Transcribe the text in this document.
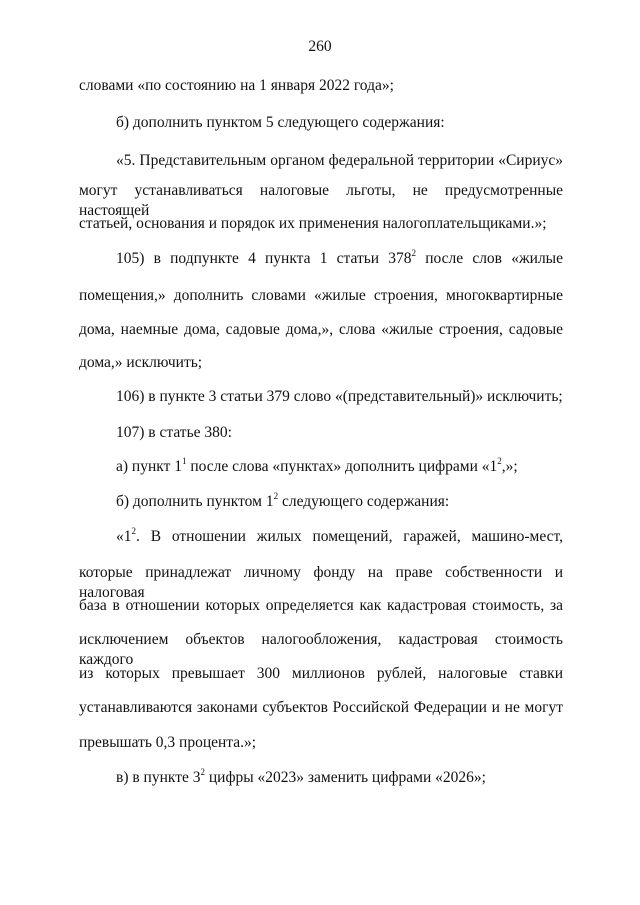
260
словами «по состоянию на 1 января 2022 года»;
б) дополнить пунктом 5 следующего содержания:
«5. Представительным органом федеральной территории «Сириус»
могут устанавливаться налоговые льготы, не предусмотренные настоящей
статьей, основания и порядок их применения налогоплательщиками.»;
105) в подпункте 4 пункта 1 статьи $378^2$ после слов «жилые
помещения,» дополнить словами «жилые строения, многоквартирные
дома, наемные дома, садовые дома,», слова «жилые строения, садовые
дома,» исключить;
106) в пункте 3 статьи 379 слово «(представительный)» исключить;
107) в статье 380:
а) пункт $1^1$ после слова «пунктах» дополнить цифрами «$1^2$,»;
б) дополнить пунктом $1^2$ следующего содержания:
«$1^2$. В отношении жилых помещений, гаражей, машино-мест,
которые принадлежат личному фонду на праве собственности и налоговая
база в отношении которых определяется как кадастровая стоимость, за
исключением объектов налогообложения, кадастровая стоимость каждого
из которых превышает 300 миллионов рублей, налоговые ставки
устанавливаются законами субъектов Российской Федерации и не могут
превышать 0,3 процента.»;
в) в пункте $3^2$ цифры «2023» заменить цифрами «2026»;
